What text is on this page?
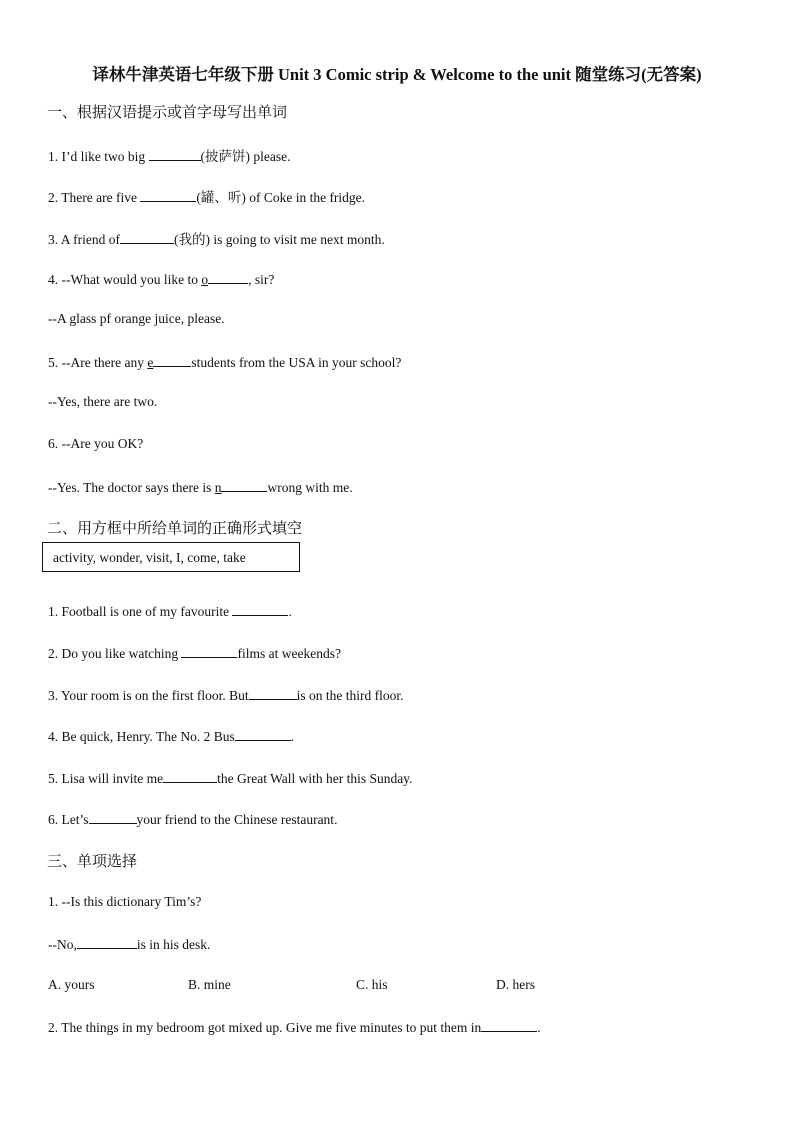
译林牛津英语七年级下册 Unit 3 Comic strip & Welcome to the unit 随堂练习(无答案)
一、根据汉语提示或首字母写出单词
1. I’d like two big	(披萨饼) please.
2. There are five	(罐、听) of Coke in the fridge.
3. A friend of	(我的) is going to visit me next month.
4. --What would you like to o	, sir?
--A glass pf orange juice, please.
5. --Are there any e	students from the USA in your school?
--Yes, there are two.
6. --Are you OK?
--Yes. The doctor says there is n	wrong with me.
二、用方框中所给单词的正确形式填空
activity, wonder, visit, I, come, take
1. Football is one of my favourite	.
2. Do you like watching	films at weekends?
3. Your room is on the first floor. But	is on the third floor.
4. Be quick, Henry. The No. 2 Bus	.
5. Lisa will invite me	the Great Wall with her this Sunday.
6. Let’s	your friend to the Chinese restaurant.
三、单项选择
1. --Is this dictionary Tim’s?
--No,	is in his desk.
A. yours	B. mine	C. his	D. hers
2. The things in my bedroom got mixed up. Give me five minutes to put them in	.
